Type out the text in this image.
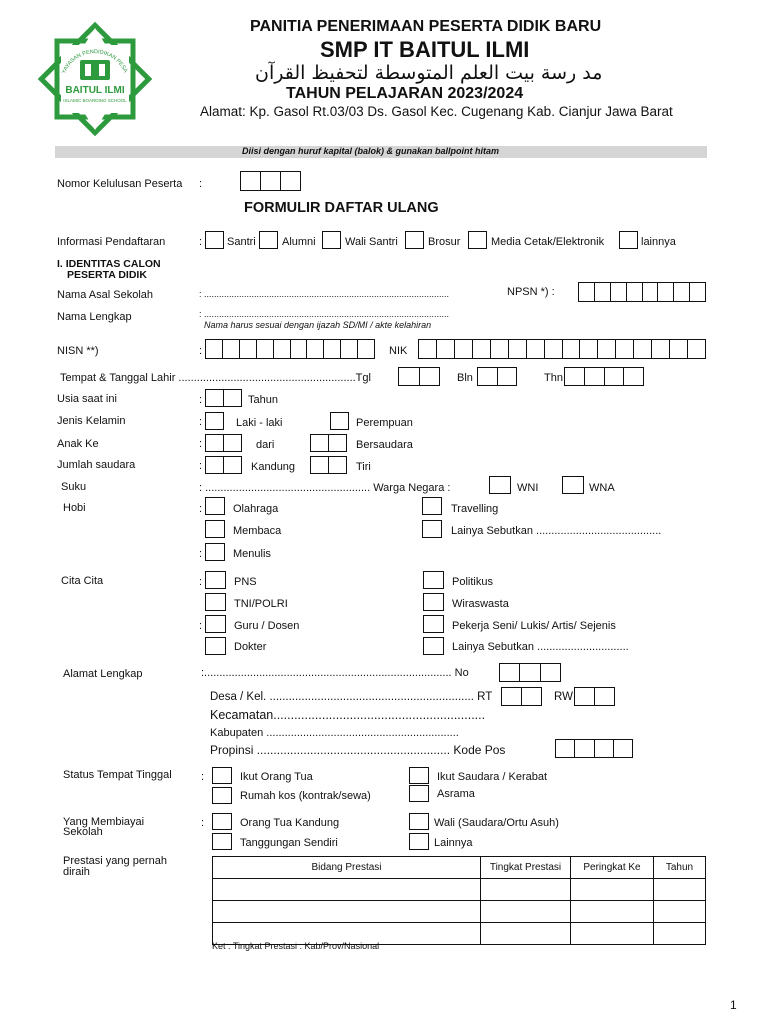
YAYASAN PENDIDIKAN PESA
BAITUL ILMI
ISLAMIC BOARDING SCHOOL
PANITIA PENERIMAAN PESERTA DIDIK BARU
SMP IT BAITUL ILMI
مد رسة بيت العلم المتوسطة لتحفيظ القرآن
TAHUN PELAJARAN 2023/2024
Alamat: Kp. Gasol Rt.03/03 Ds. Gasol Kec. Cugenang Kab. Cianjur Jawa Barat
Diisi dengan huruf kapital (balok) & gunakan ballpoint hitam
Nomor Kelulusan Peserta :
FORMULIR DAFTAR ULANG
Informasi Pendaftaran	: Santri Alumni	Wali Santri	Brosur	Media Cetak/Elektronik	lainnya
I. IDENTITAS CALON
PESERTA DIDIK
Nama Asal Sekolah	: ..................................................................................................	NPSN *) :
Nama Lengkap	: ..................................................................................................
Nama harus sesuai dengan ijazah SD/MI / akte kelahiran
NISN **)	:	NIK
Tempat & Tanggal Lahir ..........................................................Tgl	Bln	Thn
Usia saat ini	:	Tahun
Jenis Kelamin	:	Laki - laki	Perempuan
Anak Ke	:	dari	Bersaudara
Jumlah saudara	:	Kandung	Tiri
Suku	: ...................................................... Warga Negara :	WNI	WNA
Hobi	:	Olahraga	Travelling
Membaca	Lainya Sebutkan .........................................
:	Menulis
Cita Cita	:	PNS	Politikus
TNI/POLRI	Wiraswasta
:	Guru / Dosen	Pekerja Seni/ Lukis/ Artis/ Sejenis
Dokter	Lainya Sebutkan ..............................
Alamat Lengkap	:................................................................................. No
Desa / Kel. ................................................................ RT	RW
Kecamatan.............................................................
Kabupaten ...............................................................
Propinsi .......................................................... Kode Pos
Status Tempat Tinggal	:	Ikut Orang Tua	Ikut Saudara / Kerabat
Rumah kos (kontrak/sewa)	Asrama
Yang Membiayai
Sekolah
:	Orang Tua Kandung	Wali (Saudara/Ortu Asuh)
Tanggungan Sendiri	Lainnya
Prestasi yang pernah
diraih	Bidang Prestasi	Tingkat Prestasi	Peringkat Ke	Tahun

Ket : Tingkat Prestasi : Kab/Prov/Nasional
1
